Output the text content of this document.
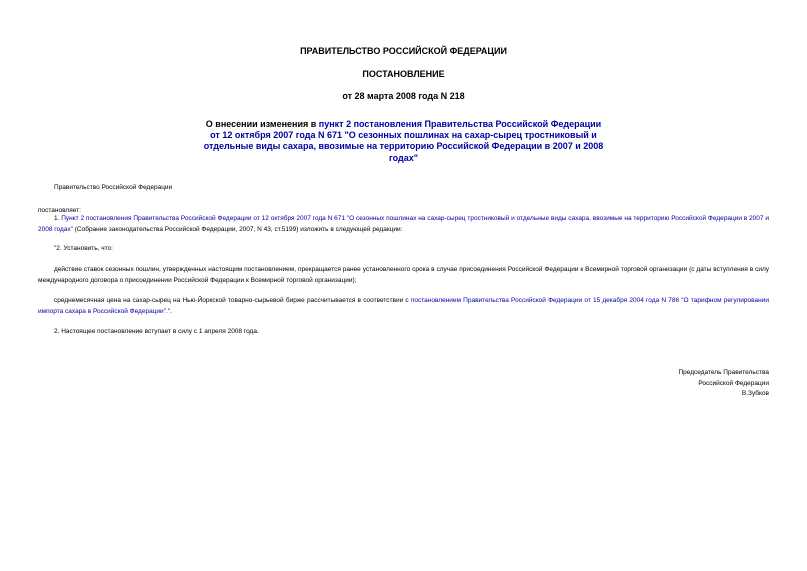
ПРАВИТЕЛЬСТВО РОССИЙСКОЙ ФЕДЕРАЦИИ
ПОСТАНОВЛЕНИЕ
от 28 марта 2008 года N 218
О внесении изменения в пункт 2 постановления Правительства Российской Федерации от 12 октября 2007 года N 671 "О сезонных пошлинах на сахар-сырец тростниковый и отдельные виды сахара, ввозимые на территорию Российской Федерации в 2007 и 2008 годах"
Правительство Российской Федерации
постановляет:
1. Пункт 2 постановления Правительства Российской Федерации от 12 октября 2007 года N 671 "О сезонных пошлинах на сахар-сырец тростниковый и отдельные виды сахара, ввозимые на территорию Российской Федерации в 2007 и 2008 годах" (Собрание законодательства Российской Федерации, 2007, N 43, ст.5199) изложить в следующей редакции:
"2. Установить, что:
действие ставок сезонных пошлин, утвержденных настоящим постановлением, прекращается ранее установленного срока в случае присоединения Российской Федерации к Всемирной торговой организации (с даты вступления в силу международного договора о присоединении Российской Федерации к Всемирной торговой организации);
среднемесячная цена на сахар-сырец на Нью-Йоркской товарно-сырьевой бирже рассчитывается в соответствии с постановлением Правительства Российской Федерации от 15 декабря 2004 года N 786 "О тарифном регулировании импорта сахара в Российской Федерации".".
2. Настоящее постановление вступает в силу с 1 апреля 2008 года.
Председатель Правительства
Российской Федерации
В.Зубков
